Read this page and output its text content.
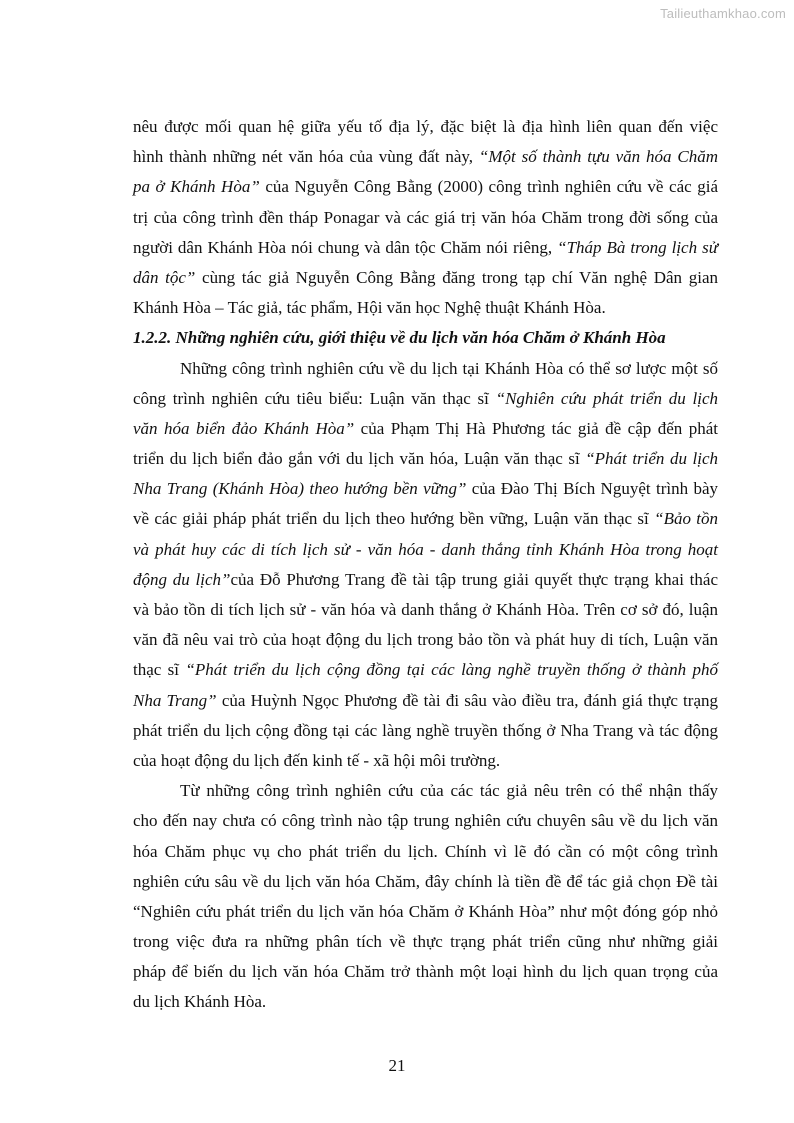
Tailieuthamkhao.com
nêu được mối quan hệ giữa yếu tố địa lý, đặc biệt là địa hình liên quan đến việc
hình thành những nét văn hóa của vùng đất này, “Một số thành tựu văn hóa Chăm
pa ở Khánh Hòa” của Nguyễn Công Bằng (2000) công trình nghiên cứu về các giá
trị của công trình đền tháp Ponagar và các giá trị văn hóa Chăm trong đời sống của
người dân Khánh Hòa nói chung và dân tộc Chăm nói riêng, “Tháp Bà trong lịch sử
dân tộc” cùng tác giả Nguyễn Công Bằng đăng trong tạp chí Văn nghệ Dân gian
Khánh Hòa – Tác giả, tác phẩm, Hội văn học Nghệ thuật Khánh Hòa.
1.2.2. Những nghiên cứu, giới thiệu về du lịch văn hóa Chăm ở Khánh Hòa
Những công trình nghiên cứu về du lịch tại Khánh Hòa có thể sơ lược một số
công trình nghiên cứu tiêu biểu: Luận văn thạc sĩ “Nghiên cứu phát triển du lịch
văn hóa biển đảo Khánh Hòa” của Phạm Thị Hà Phương tác giả đề cập đến phát
triển du lịch biển đảo gắn với du lịch văn hóa, Luận văn thạc sĩ “Phát triển du lịch
Nha Trang (Khánh Hòa) theo hướng bền vững” của Đào Thị Bích Nguyệt trình bày
về các giải pháp phát triển du lịch theo hướng bền vững, Luận văn thạc sĩ “Bảo tồn
và phát huy các di tích lịch sử - văn hóa - danh thắng tỉnh Khánh Hòa trong hoạt
động du lịch”của Đỗ Phương Trang đề tài tập trung giải quyết thực trạng khai thác
và bảo tồn di tích lịch sử - văn hóa và danh thắng ở Khánh Hòa. Trên cơ sở đó, luận
văn đã nêu vai trò của hoạt động du lịch trong bảo tồn và phát huy di tích, Luận văn
thạc sĩ “Phát triển du lịch cộng đồng tại các làng nghề truyền thống ở thành phố
Nha Trang” của Huỳnh Ngọc Phương đề tài đi sâu vào điều tra, đánh giá thực trạng
phát triển du lịch cộng đồng tại các làng nghề truyền thống ở Nha Trang và tác động
của hoạt động du lịch đến kinh tế - xã hội môi trường.
Từ những công trình nghiên cứu của các tác giả nêu trên có thể nhận thấy
cho đến nay chưa có công trình nào tập trung nghiên cứu chuyên sâu về du lịch văn
hóa Chăm phục vụ cho phát triển du lịch. Chính vì lẽ đó cần có một công trình
nghiên cứu sâu về du lịch văn hóa Chăm, đây chính là tiền đề để tác giả chọn Đề tài
“Nghiên cứu phát triển du lịch văn hóa Chăm ở Khánh Hòa” như một đóng góp nhỏ
trong việc đưa ra những phân tích về thực trạng phát triển cũng như những giải
pháp để biến du lịch văn hóa Chăm trở thành một loại hình du lịch quan trọng của
du lịch Khánh Hòa.
21
